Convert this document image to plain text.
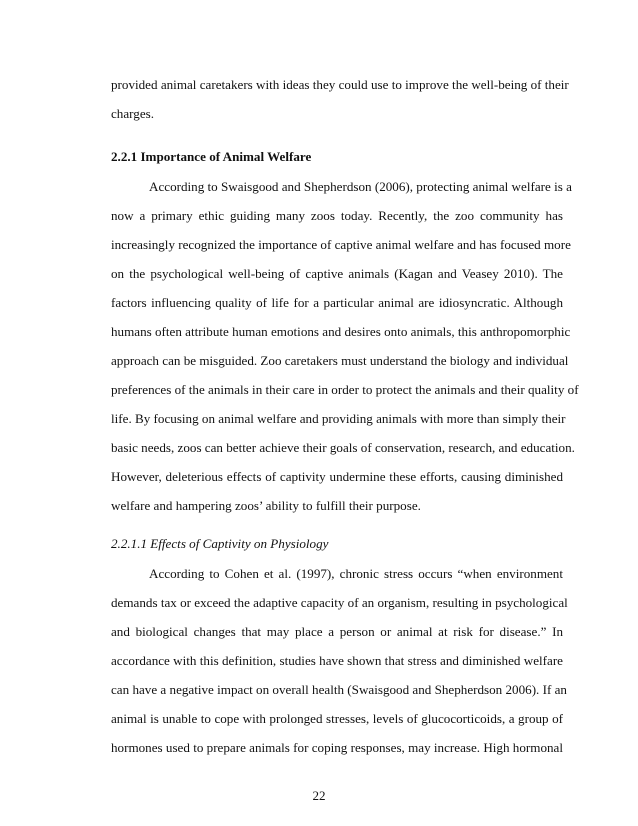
provided animal caretakers with ideas they could use to improve the well-being of their
charges.
2.2.1 Importance of Animal Welfare
According to Swaisgood and Shepherdson (2006), protecting animal welfare is a
now a primary ethic guiding many zoos today. Recently, the zoo community has
increasingly recognized the importance of captive animal welfare and has focused more
on the psychological well-being of captive animals (Kagan and Veasey 2010). The
factors influencing quality of life for a particular animal are idiosyncratic. Although
humans often attribute human emotions and desires onto animals, this anthropomorphic
approach can be misguided. Zoo caretakers must understand the biology and individual
preferences of the animals in their care in order to protect the animals and their quality of
life. By focusing on animal welfare and providing animals with more than simply their
basic needs, zoos can better achieve their goals of conservation, research, and education.
However, deleterious effects of captivity undermine these efforts, causing diminished
welfare and hampering zoos’ ability to fulfill their purpose.
2.2.1.1 Effects of Captivity on Physiology
According to Cohen et al. (1997), chronic stress occurs “when environment
demands tax or exceed the adaptive capacity of an organism, resulting in psychological
and biological changes that may place a person or animal at risk for disease.” In
accordance with this definition, studies have shown that stress and diminished welfare
can have a negative impact on overall health (Swaisgood and Shepherdson 2006). If an
animal is unable to cope with prolonged stresses, levels of glucocorticoids, a group of
hormones used to prepare animals for coping responses, may increase. High hormonal
22
